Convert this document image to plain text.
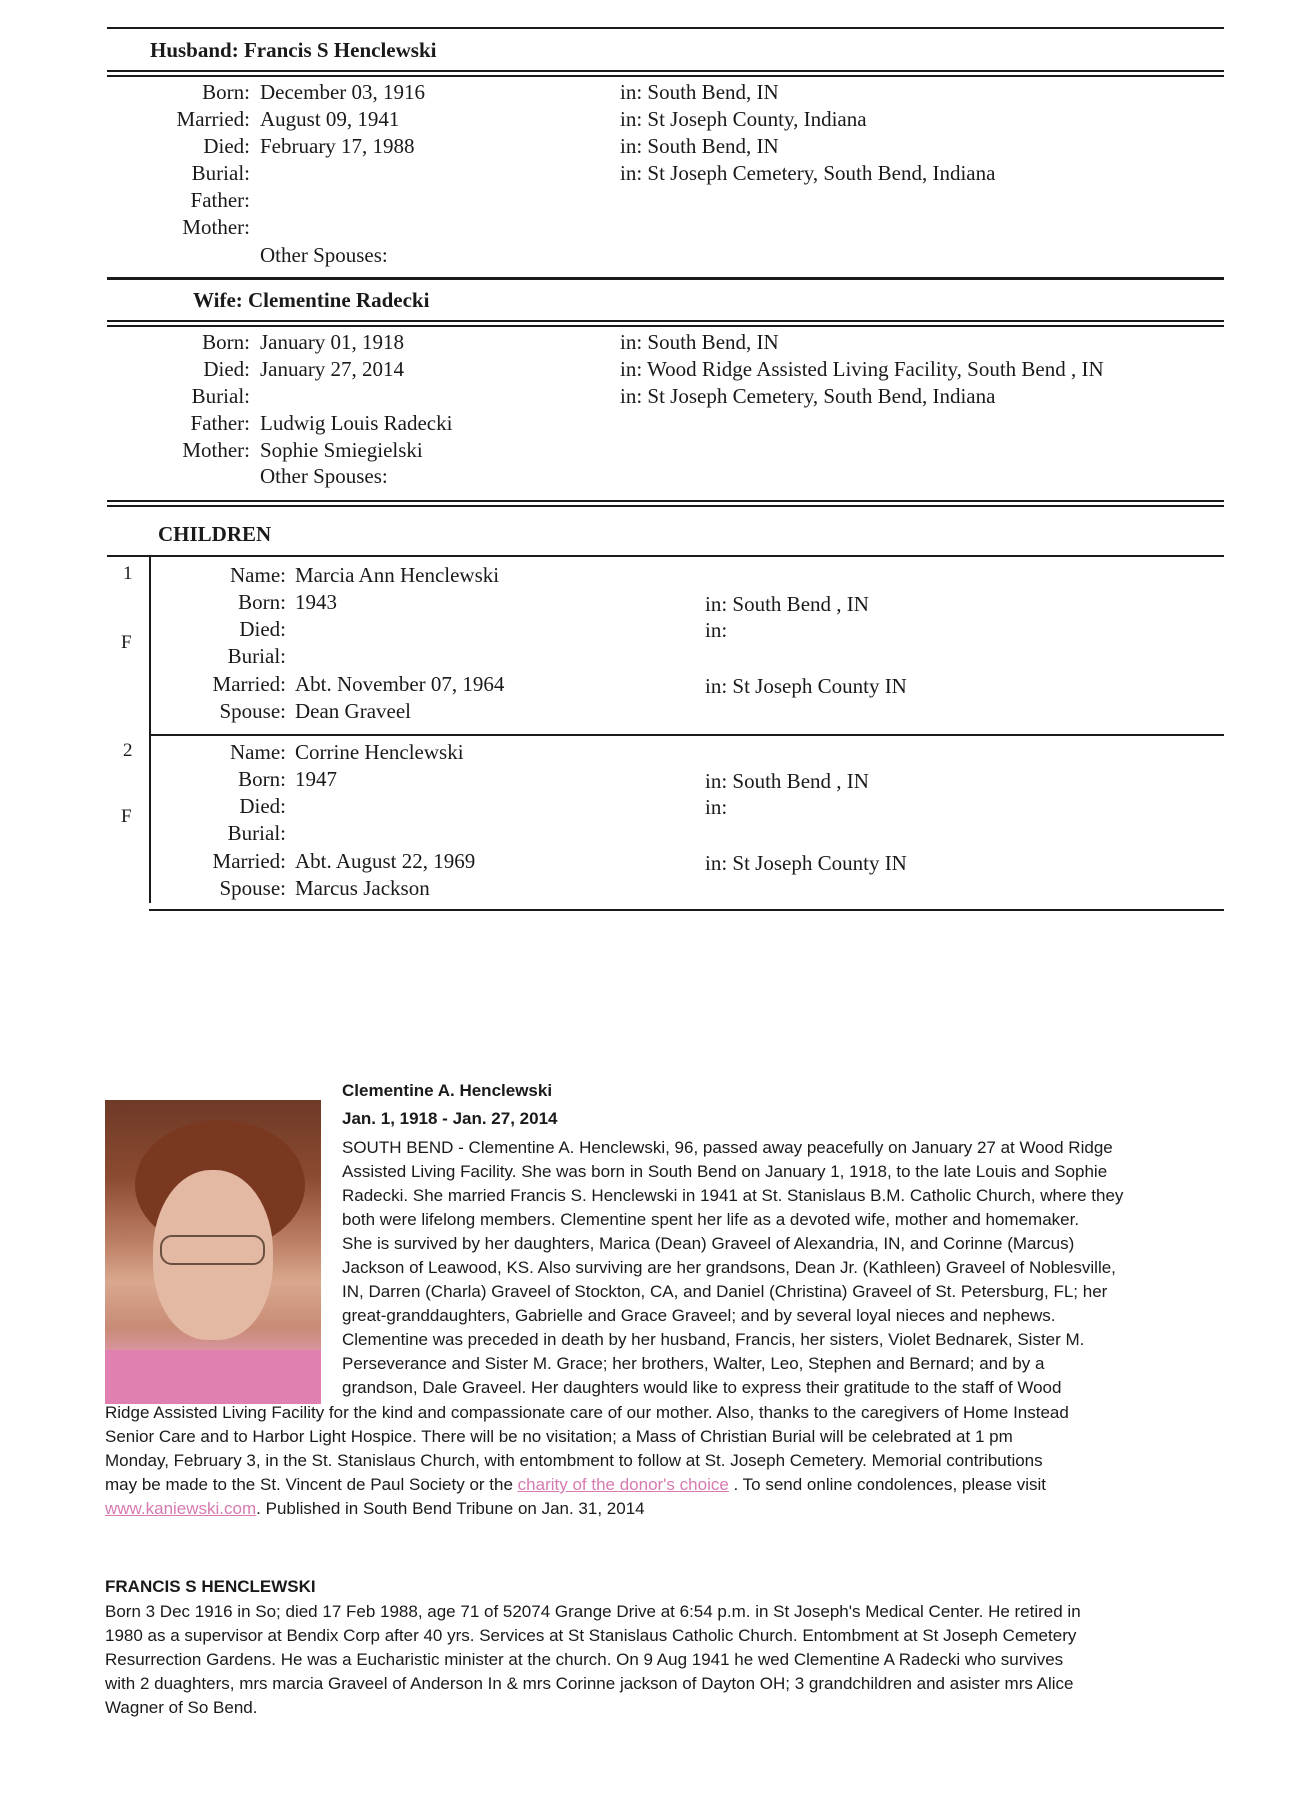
Husband: Francis S Henclewski
Born: December 03, 1916	in: South Bend, IN
Married: August 09, 1941	in: St Joseph County, Indiana
Died: February 17, 1988	in: South Bend, IN
Burial:	in: St Joseph Cemetery, South Bend, Indiana
Father:
Mother:
Other Spouses:
Wife: Clementine Radecki
Born: January 01, 1918	in: South Bend, IN
Died: January 27, 2014	in: Wood Ridge Assisted Living Facility, South Bend , IN
Burial:	in: St Joseph Cemetery, South Bend, Indiana
Father: Ludwig Louis Radecki
Mother: Sophie Smiegielski
Other Spouses:
CHILDREN
1
F
Name: Marcia Ann Henclewski
Born: 1943	in: South Bend , IN
Died:	in:
Burial:
Married: Abt. November 07, 1964	in: St Joseph County IN
Spouse: Dean Graveel
2
F
Name: Corrine Henclewski
Born: 1947	in: South Bend , IN
Died:	in:
Burial:
Married: Abt. August 22, 1969	in: St Joseph County IN
Spouse: Marcus Jackson
Clementine A. Henclewski
Jan. 1, 1918 - Jan. 27, 2014
SOUTH BEND - Clementine A. Henclewski, 96, passed away peacefully on January 27 at Wood Ridge
Assisted Living Facility. She was born in South Bend on January 1, 1918, to the late Louis and Sophie
Radecki. She married Francis S. Henclewski in 1941 at St. Stanislaus B.M. Catholic Church, where they
both were lifelong members. Clementine spent her life as a devoted wife, mother and homemaker.
She is survived by her daughters, Marica (Dean) Graveel of Alexandria, IN, and Corinne (Marcus)
Jackson of Leawood, KS. Also surviving are her grandsons, Dean Jr. (Kathleen) Graveel of Noblesville,
IN, Darren (Charla) Graveel of Stockton, CA, and Daniel (Christina) Graveel of St. Petersburg, FL; her
great-granddaughters, Gabrielle and Grace Graveel; and by several loyal nieces and nephews.
Clementine was preceded in death by her husband, Francis, her sisters, Violet Bednarek, Sister M.
Perseverance and Sister M. Grace; her brothers, Walter, Leo, Stephen and Bernard; and by a
grandson, Dale Graveel. Her daughters would like to express their gratitude to the staff of Wood
Ridge Assisted Living Facility for the kind and compassionate care of our mother. Also, thanks to the caregivers of Home Instead
Senior Care and to Harbor Light Hospice. There will be no visitation; a Mass of Christian Burial will be celebrated at 1 pm
Monday, February 3, in the St. Stanislaus Church, with entombment to follow at St. Joseph Cemetery. Memorial contributions
may be made to the St. Vincent de Paul Society or the charity of the donor's choice . To send online condolences, please visit
www.kaniewski.com. Published in South Bend Tribune on Jan. 31, 2014
FRANCIS S HENCLEWSKI
Born 3 Dec 1916 in So; died 17 Feb 1988, age 71 of 52074 Grange Drive at 6:54 p.m. in St Joseph's Medical Center. He retired in
1980 as a supervisor at Bendix Corp after 40 yrs. Services at St Stanislaus Catholic Church. Entombment at St Joseph Cemetery
Resurrection Gardens. He was a Eucharistic minister at the church. On 9 Aug 1941 he wed Clementine A Radecki who survives
with 2 duaghters, mrs marcia Graveel of Anderson In & mrs Corinne jackson of Dayton OH; 3 grandchildren and asister mrs Alice
Wagner of So Bend.
